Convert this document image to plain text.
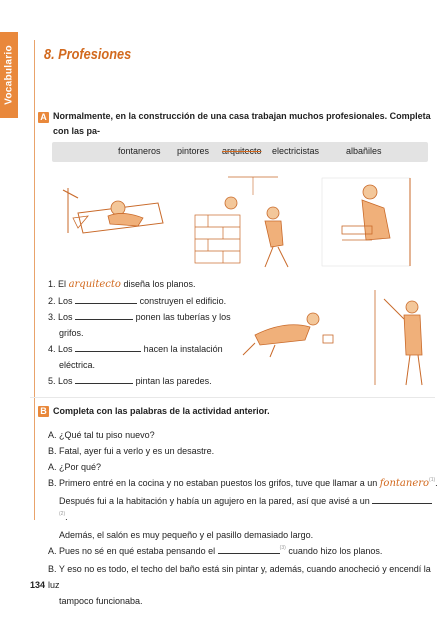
Vocabulario 8. Profesiones
A Normalmente, en la construcción de una casa trabajan muchos profesionales. Completa con las pa-
fontaneros pintores arquitecto electricistas	albañiles
1. El arquitecto diseña los planos.
2. Los	construyen el edificio.
3. Los	ponen las tuberías y los
grifos.
4. Los	hacen la instalación
eléctrica.
5. Los	pintan las paredes.
B Completa con las palabras de la actividad anterior.
A. ¿Qué tal tu piso nuevo?
B. Fatal, ayer fui a verlo y es un desastre.
A. ¿Por qué?
B. Primero entré en la cocina y no estaban puestos los grifos, tuve que llamar a un fontanero$^{(1)}$.
Después fui a la habitación y había un agujero en la pared, así que avisé a un $^{(2)}$.
Además, el salón es muy pequeño y el pasillo demasiado largo.
A. Pues no sé en qué estaba pensando el	$^{(3)}$ cuando hizo los planos.
B. Y eso no es todo, el techo del baño está sin pintar y, además, cuando anocheció y encendí la luz
tampoco funcionaba.
134
